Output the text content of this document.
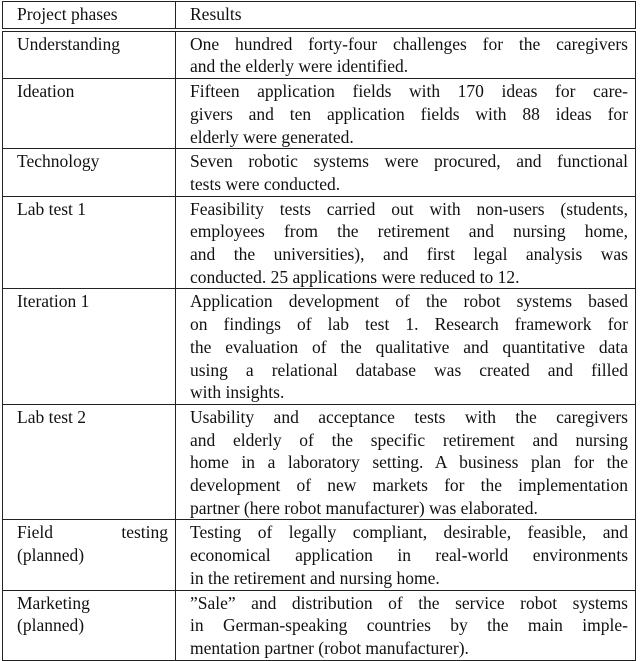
Project phases	Results

Understanding	One hundred forty-four challenges for the caregivers
and the elderly were identified.

Ideation	Fifteen application fields with 170 ideas for care-
givers and ten application fields with 88 ideas for
elderly were generated.

Technology	Seven robotic systems were procured, and functional
tests were conducted.

Lab test 1	Feasibility tests carried out with non-users (students,
employees from the retirement and nursing home,
and the universities), and first legal analysis was
conducted. 25 applications were reduced to 12.

Iteration 1	Application development of the robot systems based
on findings of lab test 1. Research framework for
the evaluation of the qualitative and quantitative data
using a relational database was created and filled
with insights.

Lab test 2	Usability and acceptance tests with the caregivers
and elderly of the specific retirement and nursing
home in a laboratory setting. A business plan for the
development of new markets for the implementation
partner (here robot manufacturer) was elaborated.

Field testing
(planned)	Testing of legally compliant, desirable, feasible, and
economical application in real-world environments
in the retirement and nursing home.

Marketing
(planned)	”Sale” and distribution of the service robot systems
in German-speaking countries by the main imple-
mentation partner (robot manufacturer).
